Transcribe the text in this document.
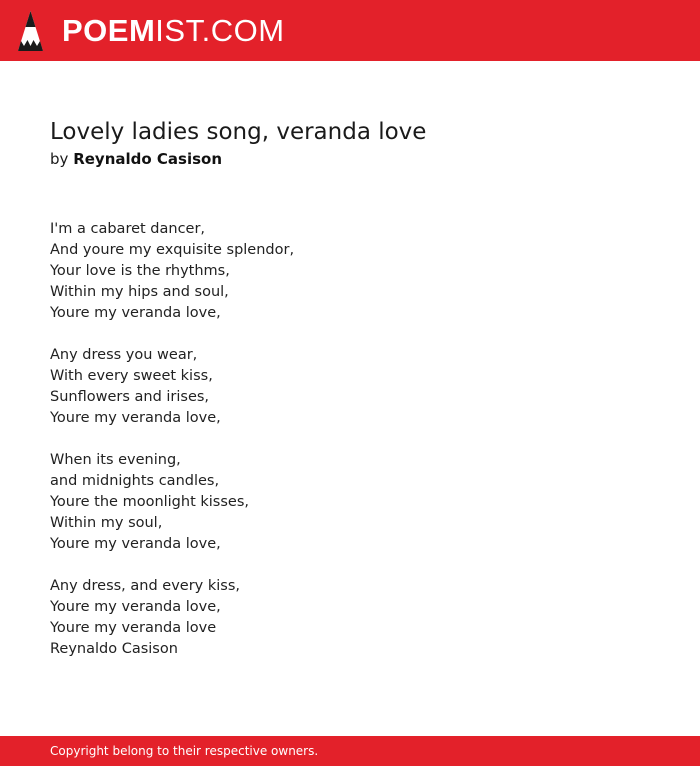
POEMIST.COM
Lovely ladies song, veranda love
by Reynaldo Casison

I'm a cabaret dancer,
And youre my exquisite splendor,
Your love is the rhythms,
Within my hips and soul,
Youre my veranda love,

Any dress you wear,
With every sweet kiss,
Sunflowers and irises,
Youre my veranda love,

When its evening,
and midnights candles,
Youre the moonlight kisses,
Within my soul,
Youre my veranda love,

Any dress, and every kiss,
Youre my veranda love,
Youre my veranda love
Reynaldo Casison

Copyright belong to their respective owners.
